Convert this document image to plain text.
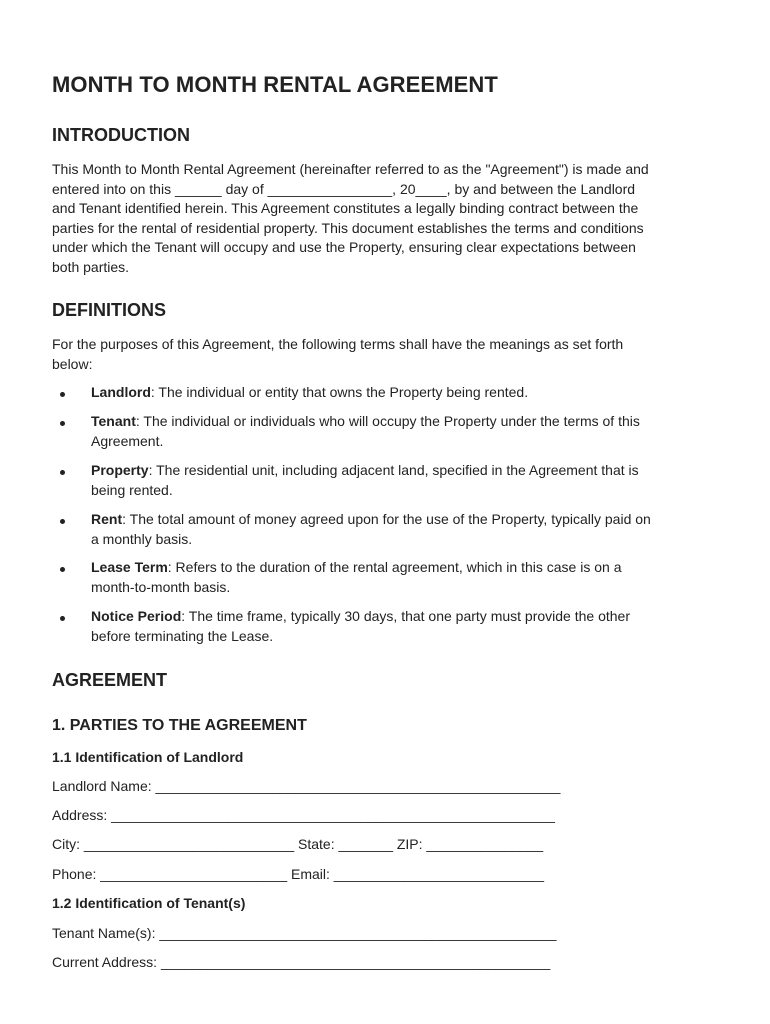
MONTH TO MONTH RENTAL AGREEMENT
INTRODUCTION
This Month to Month Rental Agreement (hereinafter referred to as the "Agreement") is made and
entered into on this ______ day of ________________, 20____, by and between the Landlord
and Tenant identified herein. This Agreement constitutes a legally binding contract between the
parties for the rental of residential property. This document establishes the terms and conditions
under which the Tenant will occupy and use the Property, ensuring clear expectations between
both parties.
DEFINITIONS
For the purposes of this Agreement, the following terms shall have the meanings as set forth
below:
Landlord: The individual or entity that owns the Property being rented.
Tenant: The individual or individuals who will occupy the Property under the terms of this
Agreement.
Property: The residential unit, including adjacent land, specified in the Agreement that is
being rented.
Rent: The total amount of money agreed upon for the use of the Property, typically paid on
a monthly basis.
Lease Term: Refers to the duration of the rental agreement, which in this case is on a
month-to-month basis.
Notice Period: The time frame, typically 30 days, that one party must provide the other
before terminating the Lease.
AGREEMENT
1. PARTIES TO THE AGREEMENT
1.1 Identification of Landlord
Landlord Name: ____________________________________________________
Address: _________________________________________________________
City: ___________________________ State: _______ ZIP: _______________
Phone: ________________________ Email: ___________________________
1.2 Identification of Tenant(s)
Tenant Name(s): ___________________________________________________
Current Address: __________________________________________________
